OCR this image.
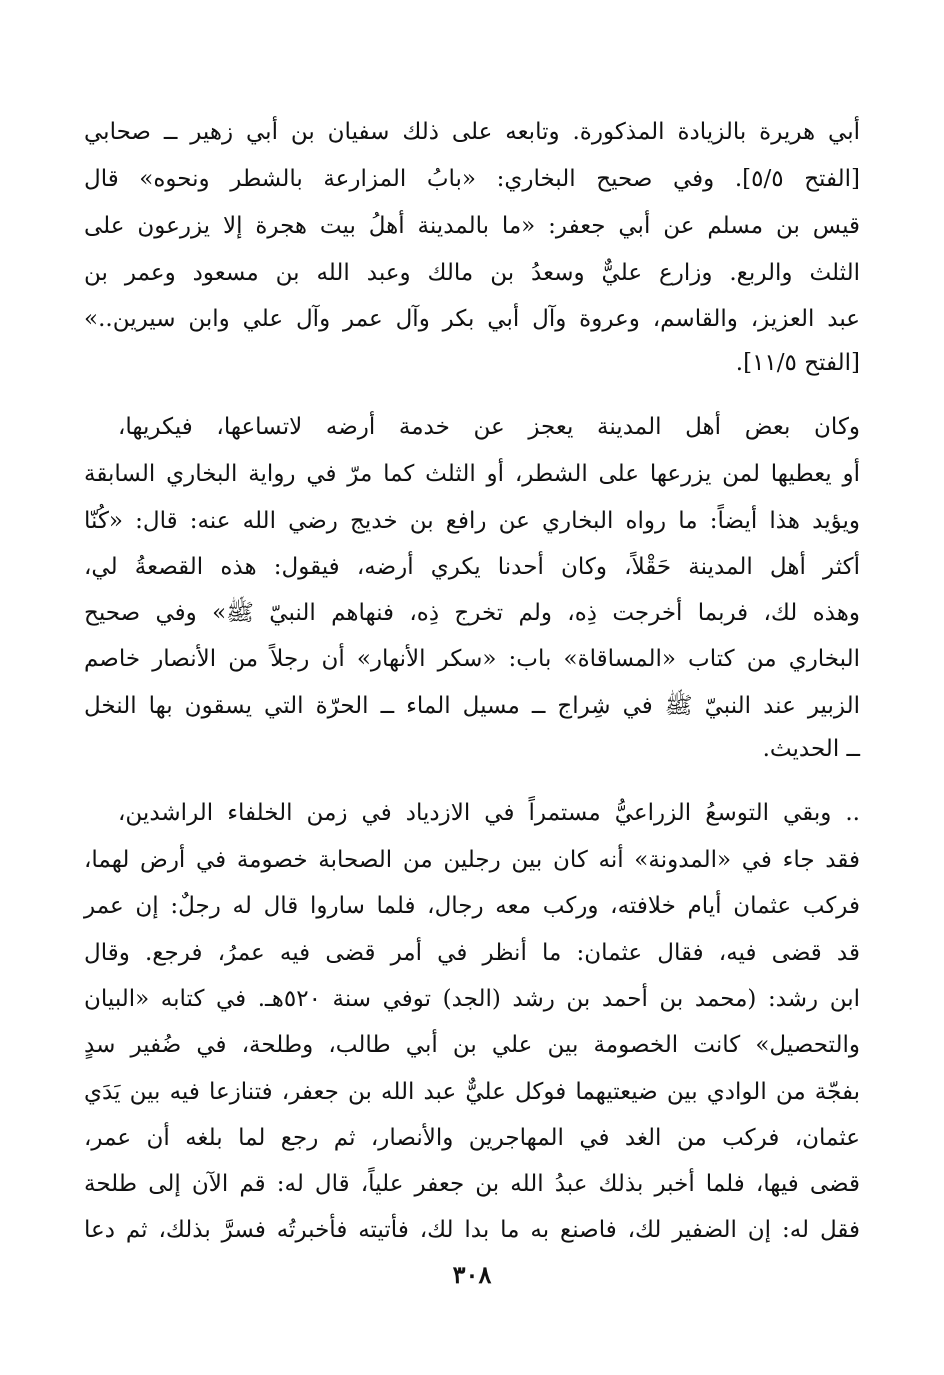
أبي هريرة بالزيادة المذكورة. وتابعه على ذلك سفيان بن أبي زهير ــ صحابي
[الفتح ٥/٥]. وفي صحيح البخاري: «بابُ المزارعة بالشطر ونحوه» قال
قيس بن مسلم عن أبي جعفر: «ما بالمدينة أهلُ بيت هجرة إلا يزرعون على
الثلث والربع. وزارع عليٌّ وسعدُ بن مالك وعبد الله بن مسعود وعمر بن
عبد العزيز، والقاسم، وعروة وآل أبي بكر وآل عمر وآل علي وابن سيرين..»
[الفتح ١١/٥].
وكان بعض أهل المدينة يعجز عن خدمة أرضه لاتساعها، فيكريها،
أو يعطيها لمن يزرعها على الشطر، أو الثلث كما مرّ في رواية البخاري السابقة
ويؤيد هذا أيضاً: ما رواه البخاري عن رافع بن خديج رضي الله عنه: قال: «كُنّا
أكثر أهل المدينة حَقْلاً، وكان أحدنا يكري أرضه، فيقول: هذه القصعةُ لي،
وهذه لك، فربما أخرجت ذِه، ولم تخرج ذِه، فنهاهم النبيّ ﷺ» وفي صحيح
البخاري من كتاب «المساقاة» باب: «سكر الأنهار» أن رجلاً من الأنصار خاصم
الزبير عند النبيّ ﷺ في شِراج ــ مسيل الماء ــ الحرّة التي يسقون بها النخل
ــ الحديث.
.. وبقي التوسعُ الزراعيُّ مستمراً في الازدياد في زمن الخلفاء الراشدين،
فقد جاء في «المدونة» أنه كان بين رجلين من الصحابة خصومة في أرض لهما،
فركب عثمان أيام خلافته، وركب معه رجال، فلما ساروا قال له رجلٌ: إن عمر
قد قضى فيه، فقال عثمان: ما أنظر في أمر قضى فيه عمرُ، فرجع. وقال
ابن رشد: (محمد بن أحمد بن رشد (الجد) توفي سنة ٥٢٠هـ. في كتابه «البيان
والتحصيل» كانت الخصومة بين علي بن أبي طالب، وطلحة، في ضُفير سدٍ
بفجّة من الوادي بين ضيعتيهما فوكل عليٌّ عبد الله بن جعفر، فتنازعا فيه بين يَدَي
عثمان، فركب من الغد في المهاجرين والأنصار، ثم رجع لما بلغه أن عمر،
قضى فيها، فلما أخبر بذلك عبدُ الله بن جعفر علياً، قال له: قم الآن إلى طلحة
فقل له: إن الضفير لك، فاصنع به ما بدا لك، فأتيته فأخبرتُه فسرَّ بذلك، ثم دعا
٣٠٨
